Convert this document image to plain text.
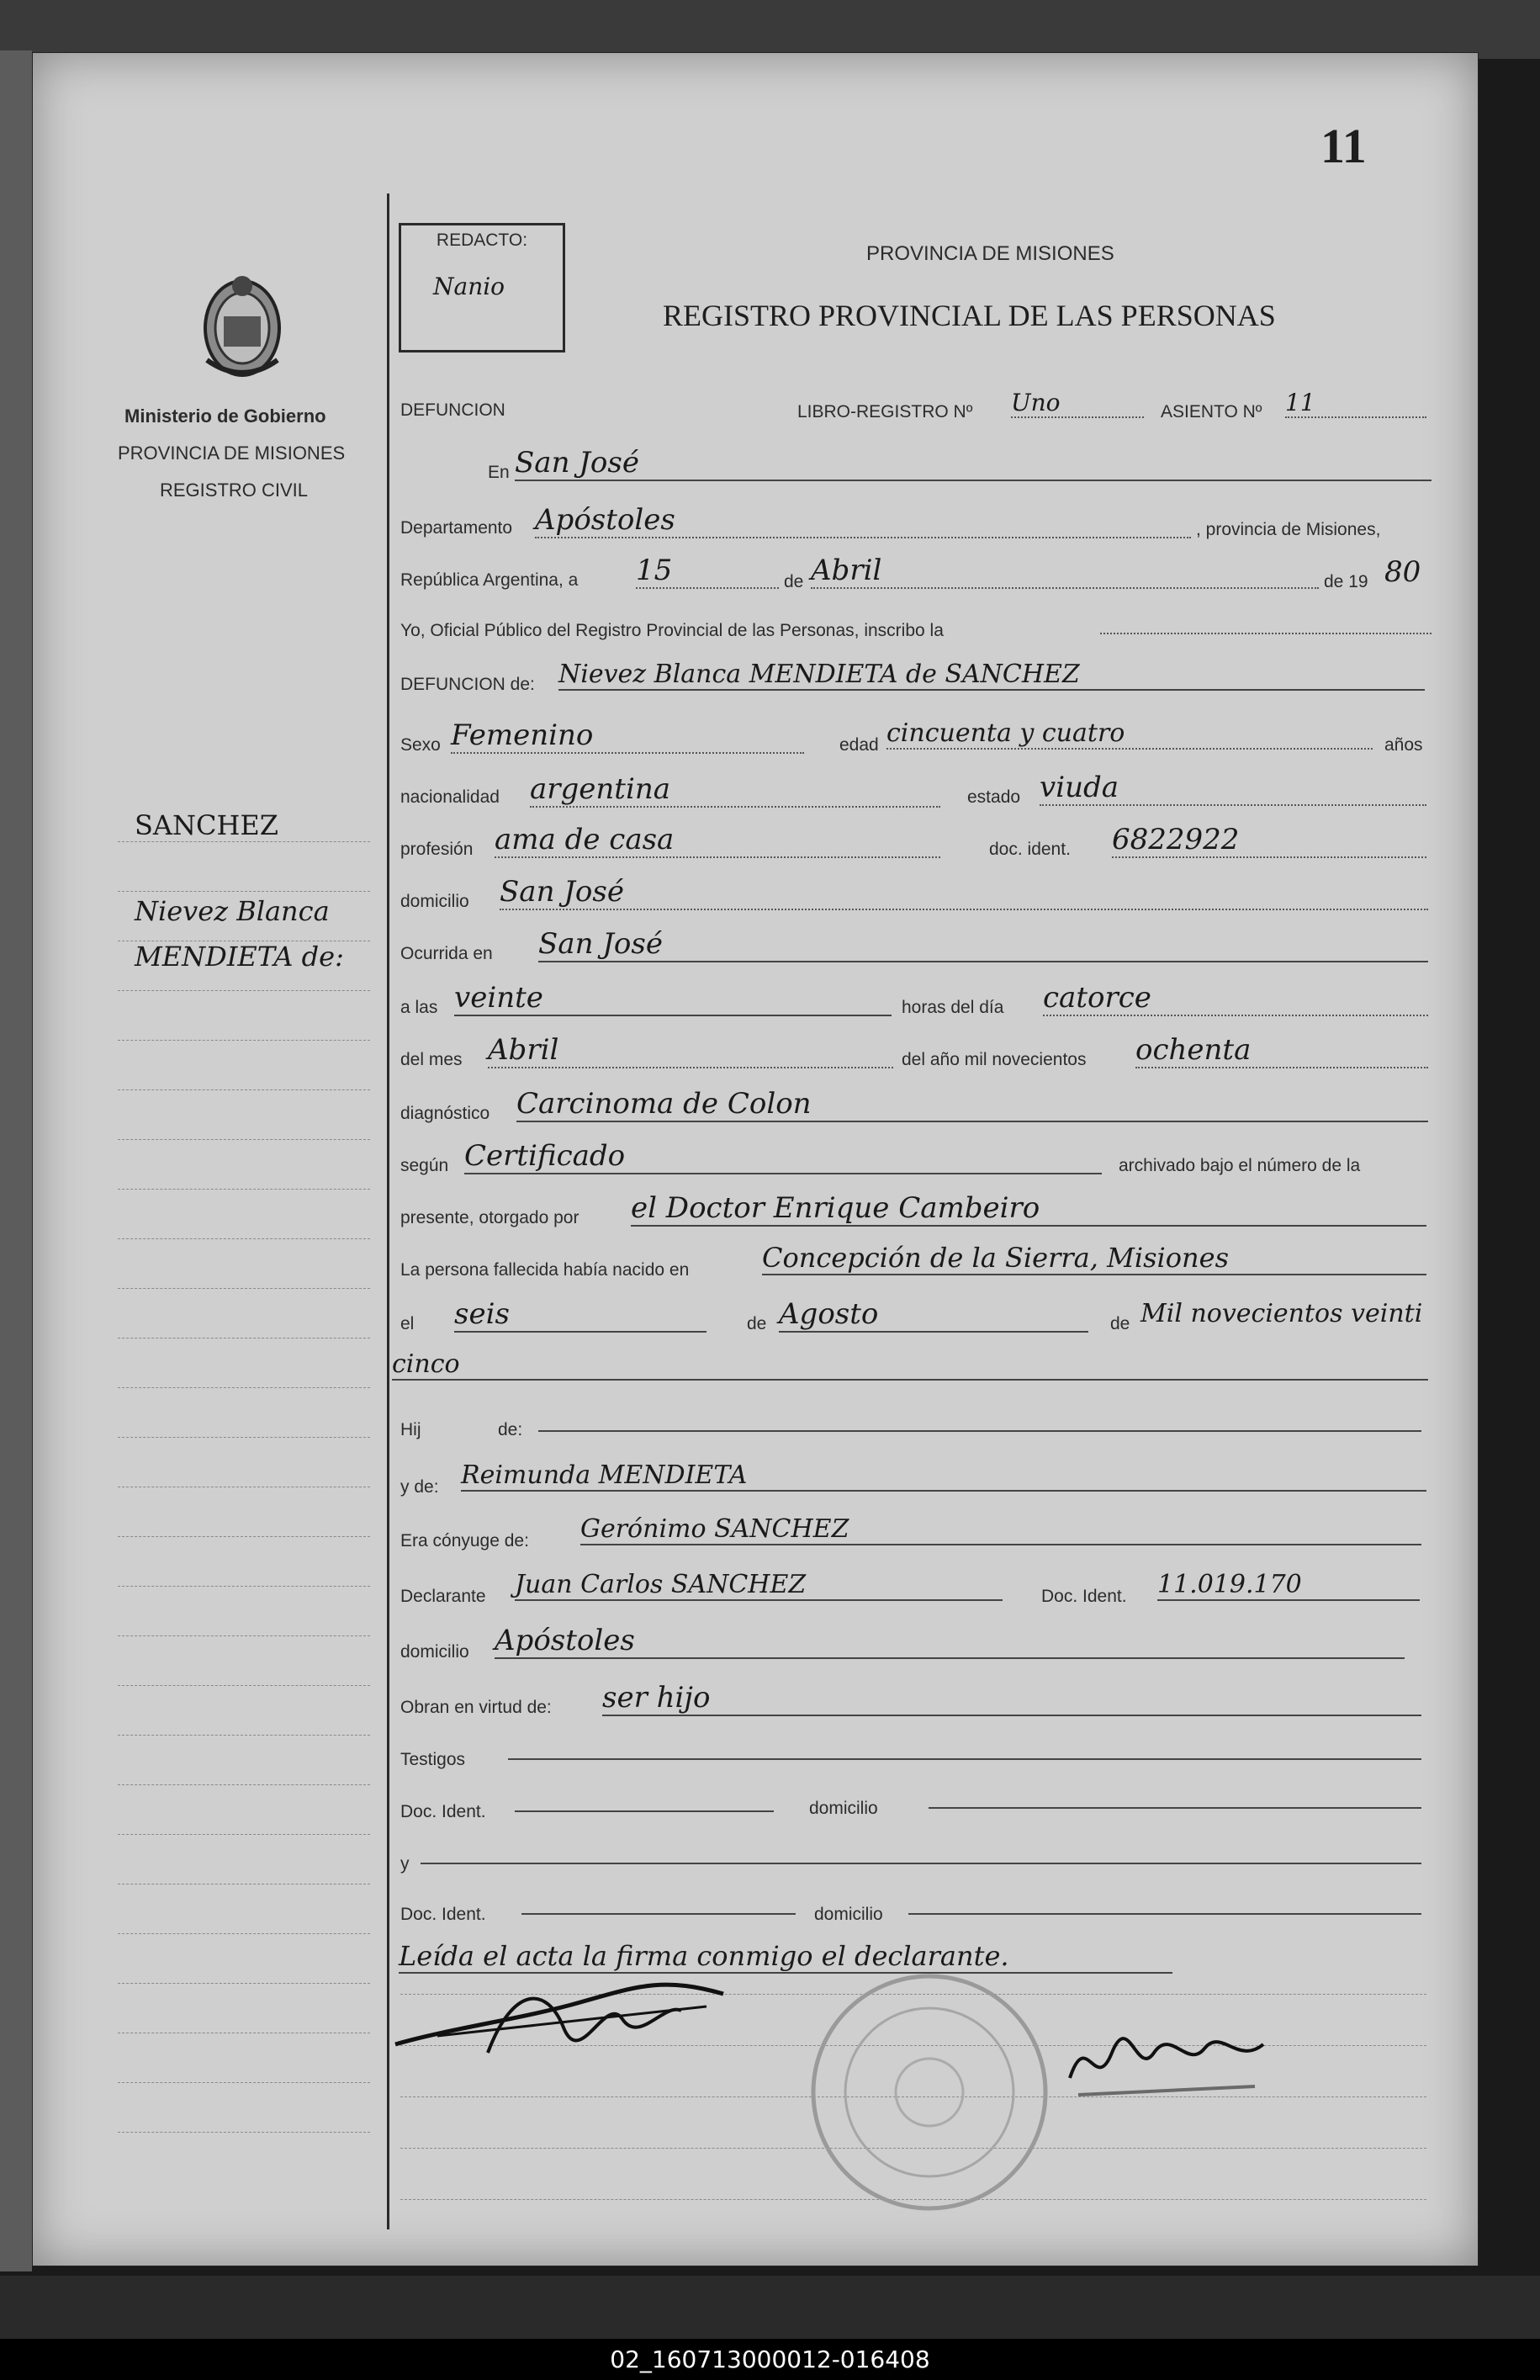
11
REDACTO:
Nanio
PROVINCIA DE MISIONES
REGISTRO PROVINCIAL DE LAS PERSONAS
Ministerio de Gobierno
PROVINCIA DE MISIONES
REGISTRO CIVIL
SANCHEZ
Nievez Blanca
MENDIETA de:
DEFUNCION	LIBRO-REGISTRO Nº Uno	ASIENTO Nº 11
En San José
Departamento Apóstoles	, provincia de Misiones,
República Argentina, a 15	de Abril	de 19 80
Yo, Oficial Público del Registro Provincial de las Personas, inscribo la
DEFUNCION de: Nievez Blanca MENDIETA de SANCHEZ
Sexo Femenino	edad cincuenta y cuatro	años
nacionalidad argentina	estado viuda
profesión ama de casa	doc. ident. 6822922
domicilio San José
Ocurrida en San José
a las veinte	horas del día catorce
del mes Abril	del año mil novecientos ochenta
diagnóstico Carcinoma de Colon
según Certificado	archivado bajo el número de la
presente, otorgado por el Doctor Enrique Cambeiro
La persona fallecida había nacido en	Concepción de la Sierra, Misiones
el seis	de Agosto	de Mil novecientos veinti
cinco
Hij	de:
y de: Reimunda MENDIETA
Era cónyuge de: Gerónimo SANCHEZ
Declarante Juan Carlos SANCHEZ	Doc. Ident. 11.019.170
domicilio Apóstoles
Obran en virtud de: ser hijo
Testigos
Doc. Ident.	domicilio
y
Doc. Ident.	domicilio
Leída el acta la firma conmigo el declarante.
02_160713000012-016408
